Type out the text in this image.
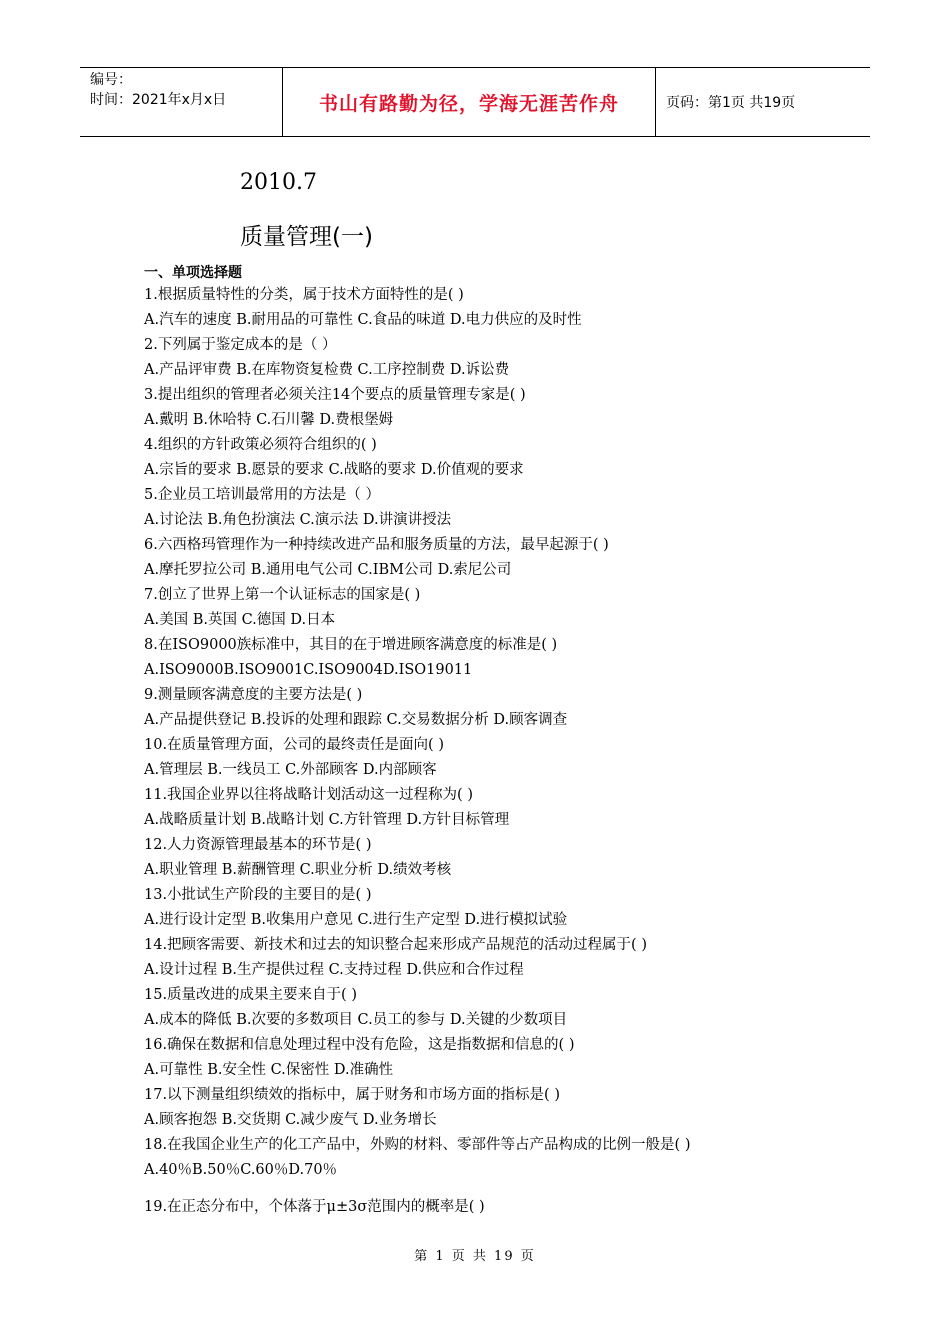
编号：
时间：2021年x月x日	书山有路勤为径，学海无涯苦作舟	页码：第1页 共19页
2010.7
质量管理(一)
一、单项选择题
1.根据质量特性的分类，属于技术方面特性的是( )
A.汽车的速度 B.耐用品的可靠性 C.食品的味道 D.电力供应的及时性
2.下列属于鉴定成本的是（ ）
A.产品评审费 B.在库物资复检费 C.工序控制费 D.诉讼费
3.提出组织的管理者必须关注14个要点的质量管理专家是( )
A.戴明 B.休哈特 C.石川馨 D.费根堡姆
4.组织的方针政策必须符合组织的( )
A.宗旨的要求 B.愿景的要求 C.战略的要求 D.价值观的要求
5.企业员工培训最常用的方法是（ ）
A.讨论法 B.角色扮演法 C.演示法 D.讲演讲授法
6.六西格玛管理作为一种持续改进产品和服务质量的方法，最早起源于( )
A.摩托罗拉公司 B.通用电气公司 C.IBM公司 D.索尼公司
7.创立了世界上第一个认证标志的国家是( )
A.美国 B.英国 C.德国 D.日本
8.在ISO9000族标准中，其目的在于增进顾客满意度的标准是( )
A.ISO9000B.ISO9001C.ISO9004D.ISO19011
9.测量顾客满意度的主要方法是( )
A.产品提供登记 B.投诉的处理和跟踪 C.交易数据分析 D.顾客调查
10.在质量管理方面，公司的最终责任是面向( )
A.管理层 B.一线员工 C.外部顾客 D.内部顾客
11.我国企业界以往将战略计划活动这一过程称为( )
A.战略质量计划 B.战略计划 C.方针管理 D.方针目标管理
12.人力资源管理最基本的环节是( )
A.职业管理 B.薪酬管理 C.职业分析 D.绩效考核
13.小批试生产阶段的主要目的是( )
A.进行设计定型 B.收集用户意见 C.进行生产定型 D.进行模拟试验
14.把顾客需要、新技术和过去的知识整合起来形成产品规范的活动过程属于( )
A.设计过程 B.生产提供过程 C.支持过程 D.供应和合作过程
15.质量改进的成果主要来自于( )
A.成本的降低 B.次要的多数项目 C.员工的参与 D.关键的少数项目
16.确保在数据和信息处理过程中没有危险，这是指数据和信息的( )
A.可靠性 B.安全性 C.保密性 D.准确性
17.以下测量组织绩效的指标中，属于财务和市场方面的指标是( )
A.顾客抱怨 B.交货期 C.减少废气 D.业务增长
18.在我国企业生产的化工产品中，外购的材料、零部件等占产品构成的比例一般是( )
A.40％B.50％C.60％D.70％
19.在正态分布中，个体落于μ±3σ范围内的概率是( )
第 1 页 共 19 页
